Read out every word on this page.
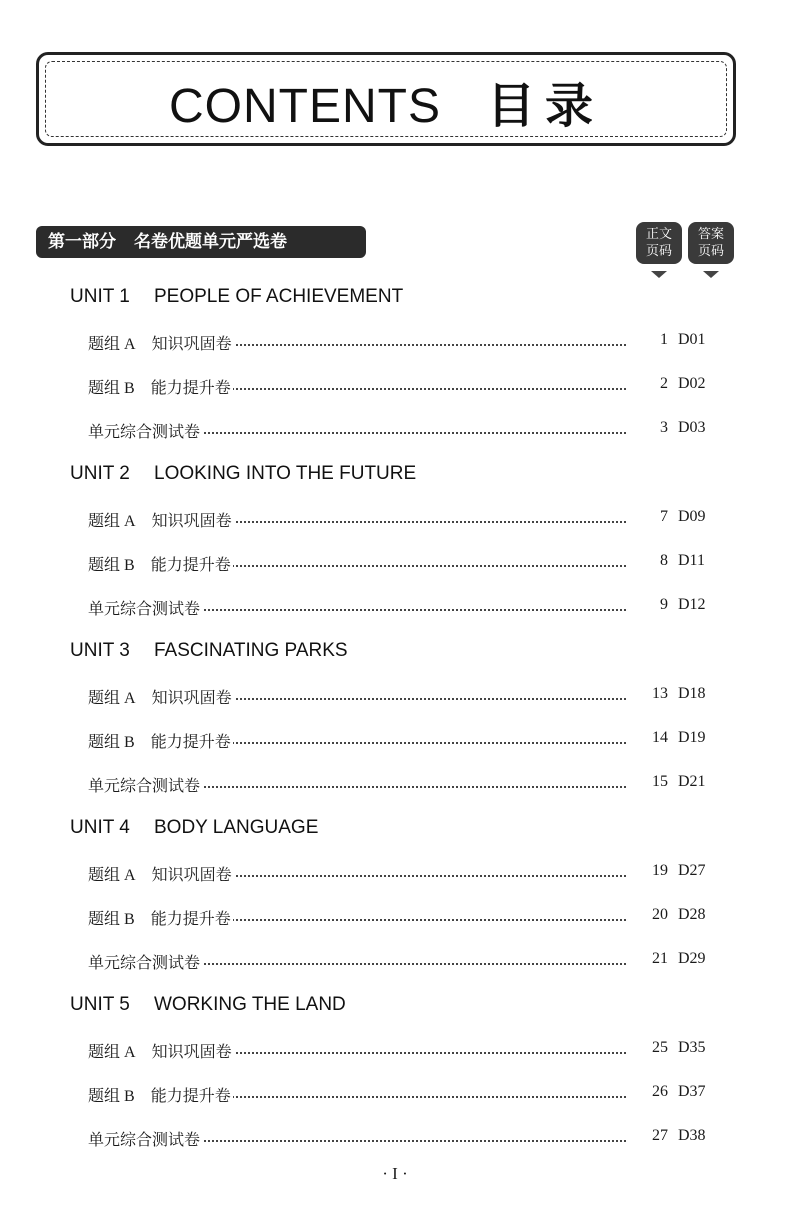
CONTENTS 目录
第一部分 名卷优题单元严选卷	正文
页码
答案
页码
UNIT 1 PEOPLE OF ACHIEVEMENT
题组 A 知识巩固卷	1 D01
题组 B 能力提升卷	2 D02
单元综合测试卷	3 D03
UNIT 2 LOOKING INTO THE FUTURE
题组 A 知识巩固卷	7 D09
题组 B 能力提升卷	8 D11
单元综合测试卷	9 D12
UNIT 3 FASCINATING PARKS
题组 A 知识巩固卷	13 D18
题组 B 能力提升卷	14 D19
单元综合测试卷	15 D21
UNIT 4 BODY LANGUAGE
题组 A 知识巩固卷	19 D27
题组 B 能力提升卷	20 D28
单元综合测试卷	21 D29
UNIT 5 WORKING THE LAND
题组 A 知识巩固卷	25 D35
题组 B 能力提升卷	26 D37
单元综合测试卷	27 D38
· I ·
